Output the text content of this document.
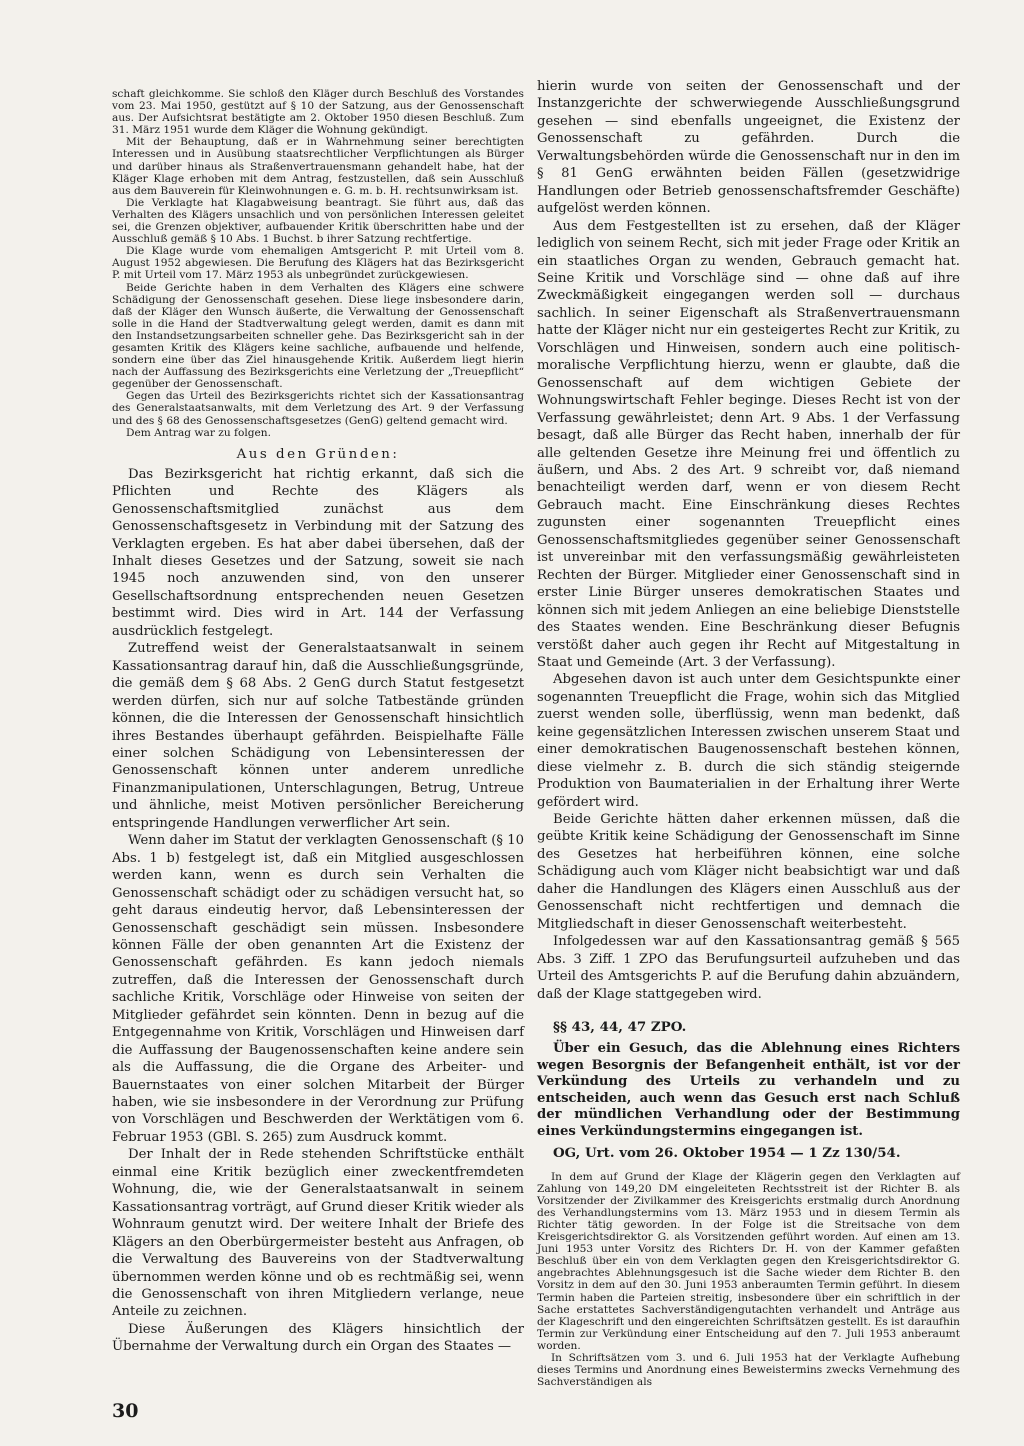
schaft gleichkomme. Sie schloß den Kläger durch Beschluß des Vorstandes vom 23. Mai 1950, gestützt auf § 10 der Satzung, aus der Genossenschaft aus. Der Aufsichtsrat bestätigte am 2. Oktober 1950 diesen Beschluß. Zum 31. März 1951 wurde dem Kläger die Wohnung gekündigt.

Mit der Behauptung, daß er in Wahrnehmung seiner berechtigten Interessen und in Ausübung staatsrechtlicher Verpflichtungen als Bürger und darüber hinaus als Straßenvertrauensmann gehandelt habe, hat der Kläger Klage erhoben mit dem Antrag, festzustellen, daß sein Ausschluß aus dem Bauverein für Kleinwohnungen e. G. m. b. H. rechtsunwirksam ist.

Die Verklagte hat Klagabweisung beantragt. Sie führt aus, daß das Verhalten des Klägers unsachlich und von persönlichen Interessen geleitet sei, die Grenzen objektiver, aufbauender Kritik überschritten habe und der Ausschluß gemäß § 10 Abs. 1 Buchst. b ihrer Satzung rechtfertige.

Die Klage wurde vom ehemaligen Amtsgericht P. mit Urteil vom 8. August 1952 abgewiesen. Die Berufung des Klägers hat das Bezirksgericht P. mit Urteil vom 17. März 1953 als unbegründet zurückgewiesen.

Beide Gerichte haben in dem Verhalten des Klägers eine schwere Schädigung der Genossenschaft gesehen. Diese liege insbesondere darin, daß der Kläger den Wunsch äußerte, die Verwaltung der Genossenschaft solle in die Hand der Stadtverwaltung gelegt werden, damit es dann mit den Instandsetzungsarbeiten schneller gehe. Das Bezirksgericht sah in der gesamten Kritik des Klägers keine sachliche, aufbauende und helfende, sondern eine über das Ziel hinausgehende Kritik. Außerdem liegt hierin nach der Auffassung des Bezirksgerichts eine Verletzung der „Treuepflicht“ gegenüber der Genossenschaft.

Gegen das Urteil des Bezirksgerichts richtet sich der Kassationsantrag des Generalstaatsanwalts, mit dem Verletzung des Art. 9 der Verfassung und des § 68 des Genossenschaftsgesetzes (GenG) geltend gemacht wird.

Dem Antrag war zu folgen.

Aus den Gründen:

Das Bezirksgericht hat richtig erkannt, daß sich die Pflichten und Rechte des Klägers als Genossenschaftsmitglied zunächst aus dem Genossenschaftsgesetz in Verbindung mit der Satzung des Verklagten ergeben. Es hat aber dabei übersehen, daß der Inhalt dieses Gesetzes und der Satzung, soweit sie nach 1945 noch anzuwenden sind, von den unserer Gesellschaftsordnung entsprechenden neuen Gesetzen bestimmt wird. Dies wird in Art. 144 der Verfassung ausdrücklich festgelegt.

Zutreffend weist der Generalstaatsanwalt in seinem Kassationsantrag darauf hin, daß die Ausschließungsgründe, die gemäß dem § 68 Abs. 2 GenG durch Statut festgesetzt werden dürfen, sich nur auf solche Tatbestände gründen können, die die Interessen der Genossenschaft hinsichtlich ihres Bestandes überhaupt gefährden. Beispielhafte Fälle einer solchen Schädigung von Lebensinteressen der Genossenschaft können unter anderem unredliche Finanzmanipulationen, Unterschlagungen, Betrug, Untreue und ähnliche, meist Motiven persönlicher Bereicherung entspringende Handlungen verwerflicher Art sein.

Wenn daher im Statut der verklagten Genossenschaft (§ 10 Abs. 1 b) festgelegt ist, daß ein Mitglied ausgeschlossen werden kann, wenn es durch sein Verhalten die Genossenschaft schädigt oder zu schädigen versucht hat, so geht daraus eindeutig hervor, daß Lebensinteressen der Genossenschaft geschädigt sein müssen. Insbesondere können Fälle der oben genannten Art die Existenz der Genossenschaft gefährden. Es kann jedoch niemals zutreffen, daß die Interessen der Genossenschaft durch sachliche Kritik, Vorschläge oder Hinweise von seiten der Mitglieder gefährdet sein könnten. Denn in bezug auf die Entgegennahme von Kritik, Vorschlägen und Hinweisen darf die Auffassung der Baugenossenschaften keine andere sein als die Auffassung, die die Organe des Arbeiter- und Bauernstaates von einer solchen Mitarbeit der Bürger haben, wie sie insbesondere in der Verordnung zur Prüfung von Vorschlägen und Beschwerden der Werktätigen vom 6. Februar 1953 (GBl. S. 265) zum Ausdruck kommt.

Der Inhalt der in Rede stehenden Schriftstücke enthält einmal eine Kritik bezüglich einer zweckentfremdeten Wohnung, die, wie der Generalstaatsanwalt in seinem Kassationsantrag vorträgt, auf Grund dieser Kritik wieder als Wohnraum genutzt wird. Der weitere Inhalt der Briefe des Klägers an den Oberbürgermeister besteht aus Anfragen, ob die Verwaltung des Bauvereins von der Stadtverwaltung übernommen werden könne und ob es rechtmäßig sei, wenn die Genossenschaft von ihren Mitgliedern verlange, neue Anteile zu zeichnen.

Diese Äußerungen des Klägers hinsichtlich der Übernahme der Verwaltung durch ein Organ des Staates —

hierin wurde von seiten der Genossenschaft und der Instanzgerichte der schwerwiegende Ausschließungsgrund gesehen — sind ebenfalls ungeeignet, die Existenz der Genossenschaft zu gefährden. Durch die Verwaltungsbehörden würde die Genossenschaft nur in den im § 81 GenG erwähnten beiden Fällen (gesetzwidrige Handlungen oder Betrieb genossenschaftsfremder Geschäfte) aufgelöst werden können.

Aus dem Festgestellten ist zu ersehen, daß der Kläger lediglich von seinem Recht, sich mit jeder Frage oder Kritik an ein staatliches Organ zu wenden, Gebrauch gemacht hat. Seine Kritik und Vorschläge sind — ohne daß auf ihre Zweckmäßigkeit eingegangen werden soll — durchaus sachlich. In seiner Eigenschaft als Straßenvertrauensmann hatte der Kläger nicht nur ein gesteigertes Recht zur Kritik, zu Vorschlägen und Hinweisen, sondern auch eine politisch-moralische Verpflichtung hierzu, wenn er glaubte, daß die Genossenschaft auf dem wichtigen Gebiete der Wohnungswirtschaft Fehler beginge. Dieses Recht ist von der Verfassung gewährleistet; denn Art. 9 Abs. 1 der Verfassung besagt, daß alle Bürger das Recht haben, innerhalb der für alle geltenden Gesetze ihre Meinung frei und öffentlich zu äußern, und Abs. 2 des Art. 9 schreibt vor, daß niemand benachteiligt werden darf, wenn er von diesem Recht Gebrauch macht. Eine Einschränkung dieses Rechtes zugunsten einer sogenannten Treuepflicht eines Genossenschaftsmitgliedes gegenüber seiner Genossenschaft ist unvereinbar mit den verfassungsmäßig gewährleisteten Rechten der Bürger. Mitglieder einer Genossenschaft sind in erster Linie Bürger unseres demokratischen Staates und können sich mit jedem Anliegen an eine beliebige Dienststelle des Staates wenden. Eine Beschränkung dieser Befugnis verstößt daher auch gegen ihr Recht auf Mitgestaltung in Staat und Gemeinde (Art. 3 der Verfassung).

Abgesehen davon ist auch unter dem Gesichtspunkte einer sogenannten Treuepflicht die Frage, wohin sich das Mitglied zuerst wenden solle, überflüssig, wenn man bedenkt, daß keine gegensätzlichen Interessen zwischen unserem Staat und einer demokratischen Baugenossenschaft bestehen können, diese vielmehr z. B. durch die sich ständig steigernde Produktion von Baumaterialien in der Erhaltung ihrer Werte gefördert wird.

Beide Gerichte hätten daher erkennen müssen, daß die geübte Kritik keine Schädigung der Genossenschaft im Sinne des Gesetzes hat herbeiführen können, eine solche Schädigung auch vom Kläger nicht beabsichtigt war und daß daher die Handlungen des Klägers einen Ausschluß aus der Genossenschaft nicht rechtfertigen und demnach die Mitgliedschaft in dieser Genossenschaft weiterbesteht.

Infolgedessen war auf den Kassationsantrag gemäß § 565 Abs. 3 Ziff. 1 ZPO das Berufungsurteil aufzuheben und das Urteil des Amtsgerichts P. auf die Berufung dahin abzuändern, daß der Klage stattgegeben wird.

§§ 43, 44, 47 ZPO.

Über ein Gesuch, das die Ablehnung eines Richters wegen Besorgnis der Befangenheit enthält, ist vor der Verkündung des Urteils zu verhandeln und zu entscheiden, auch wenn das Gesuch erst nach Schluß der mündlichen Verhandlung oder der Bestimmung eines Verkündungstermins eingegangen ist.

OG, Urt. vom 26. Oktober 1954 — 1 Zz 130/54.

In dem auf Grund der Klage der Klägerin gegen den Verklagten auf Zahlung von 149,20 DM eingeleiteten Rechtsstreit ist der Richter B. als Vorsitzender der Zivilkammer des Kreisgerichts erstmalig durch Anordnung des Verhandlungstermins vom 13. März 1953 und in diesem Termin als Richter tätig geworden. In der Folge ist die Streitsache von dem Kreisgerichtsdirektor G. als Vorsitzenden geführt worden. Auf einen am 13. Juni 1953 unter Vorsitz des Richters Dr. H. von der Kammer gefaßten Beschluß über ein von dem Verklagten gegen den Kreisgerichtsdirektor G. angebrachtes Ablehnungsgesuch ist die Sache wieder dem Richter B. den Vorsitz in dem auf den 30. Juni 1953 anberaumten Termin geführt. In diesem Termin haben die Parteien streitig, insbesondere über ein schriftlich in der Sache erstattetes Sachverständigengutachten verhandelt und Anträge aus der Klageschrift und den eingereichten Schriftsätzen gestellt. Es ist daraufhin Termin zur Verkündung einer Entscheidung auf den 7. Juli 1953 anberaumt worden.

In Schriftsätzen vom 3. und 6. Juli 1953 hat der Verklagte Aufhebung dieses Termins und Anordnung eines Beweistermins zwecks Vernehmung des Sachverständigen als

30
